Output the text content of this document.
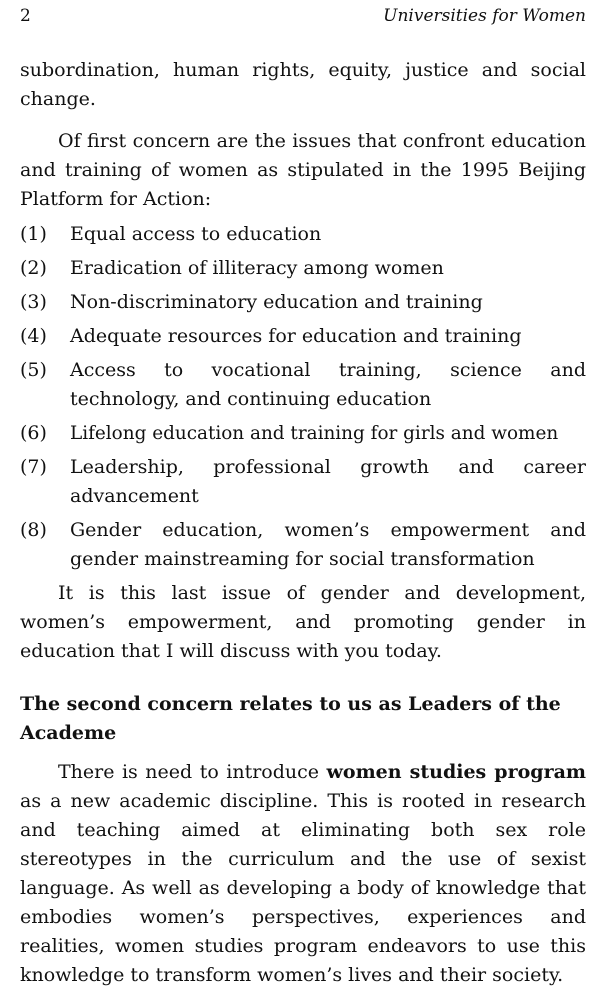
2	Universities for Women

subordination, human rights, equity, justice and social change.

Of first concern are the issues that confront education and training of women as stipulated in the 1995 Beijing Platform for Action:

(1)	Equal access to education
(2)	Eradication of illiteracy among women
(3)	Non-discriminatory education and training
(4)	Adequate resources for education and training
(5)	Access to vocational training, science and technology, and continuing education
(6)	Lifelong education and training for girls and women
(7)	Leadership, professional growth and career advancement
(8)	Gender education, women’s empowerment and gender mainstreaming for social transformation

It is this last issue of gender and development, women’s empowerment, and promoting gender in education that I will discuss with you today.

The second concern relates to us as Leaders of the Academe

There is need to introduce women studies program as a new academic discipline. This is rooted in research and teaching aimed at eliminating both sex role stereotypes in the curriculum and the use of sexist language. As well as developing a body of knowledge that embodies women’s perspectives, experiences and realities, women studies program endeavors to use this knowledge to transform women’s lives and their society.
